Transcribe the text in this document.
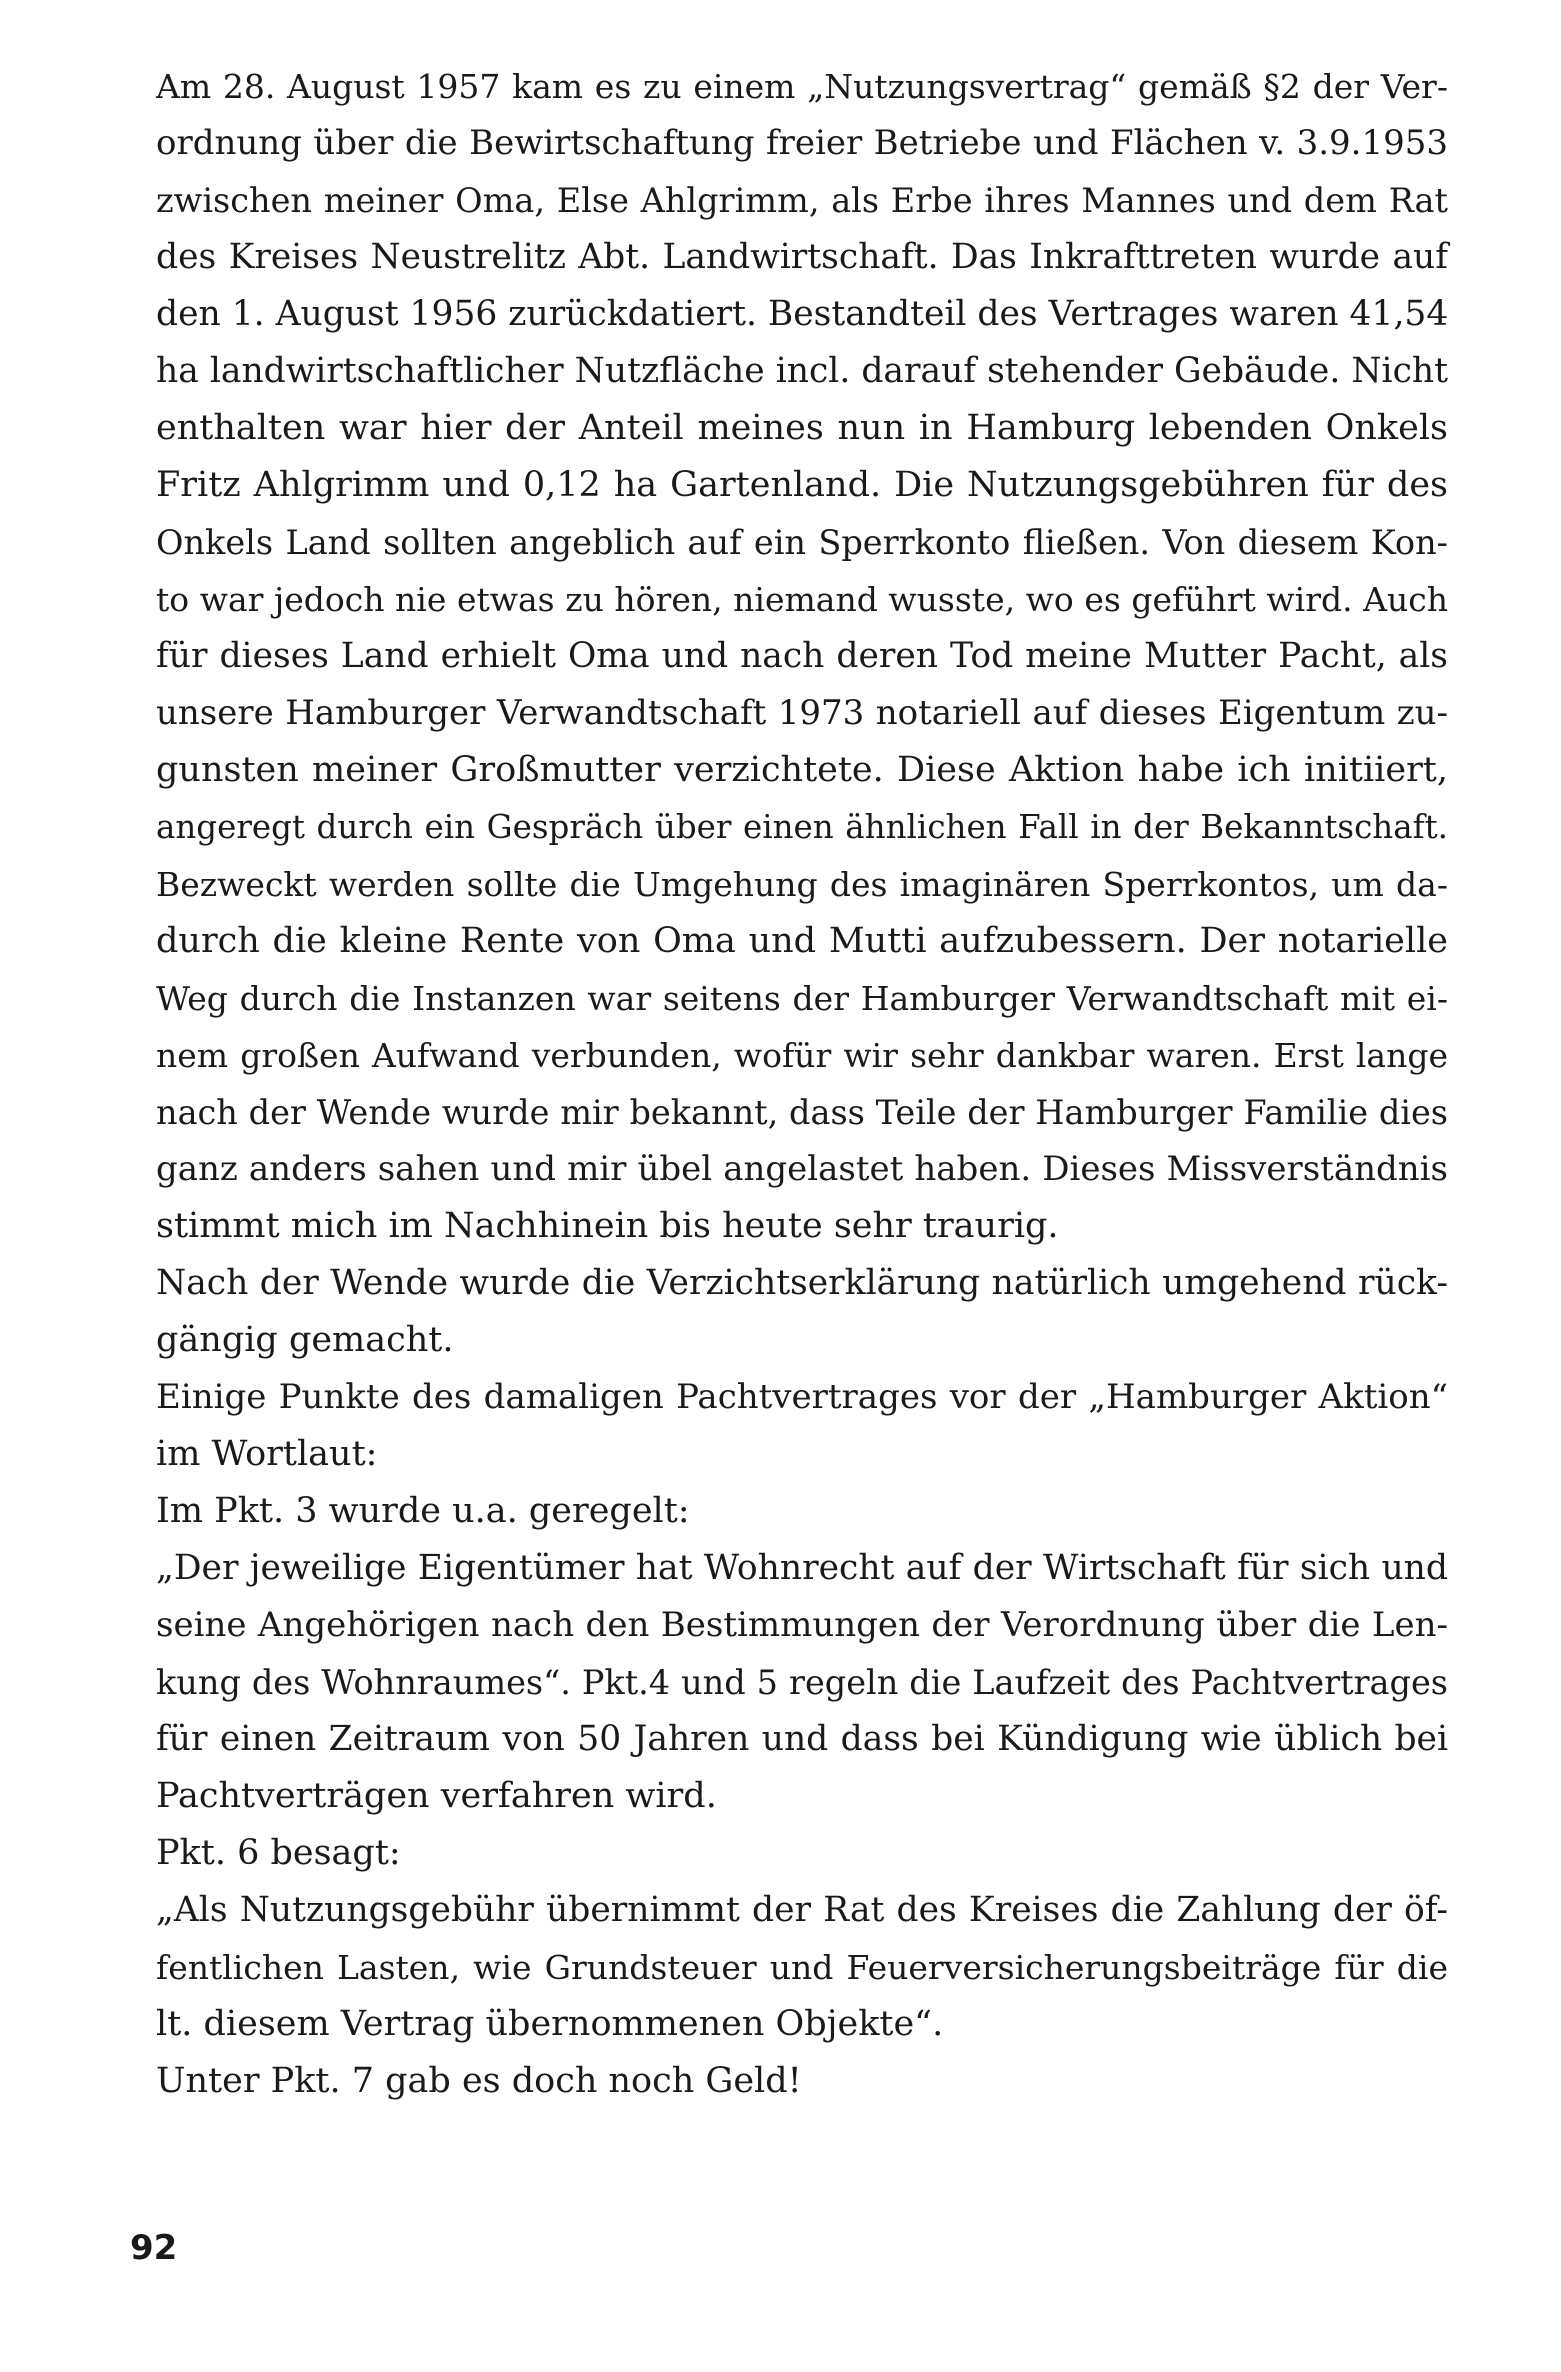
Am 28. August 1957 kam es zu einem „Nutzungsvertrag“ gemäß §2 der Ver-
ordnung über die Bewirtschaftung freier Betriebe und Flächen v. 3.9.1953
zwischen meiner Oma, Else Ahlgrimm, als Erbe ihres Mannes und dem Rat
des Kreises Neustrelitz Abt. Landwirtschaft. Das Inkrafttreten wurde auf
den 1. August 1956 zurückdatiert. Bestandteil des Vertrages waren 41,54
ha landwirtschaftlicher Nutzfläche incl. darauf stehender Gebäude. Nicht
enthalten war hier der Anteil meines nun in Hamburg lebenden Onkels
Fritz Ahlgrimm und 0,12 ha Gartenland. Die Nutzungsgebühren für des
Onkels Land sollten angeblich auf ein Sperrkonto fließen. Von diesem Kon-
to war jedoch nie etwas zu hören, niemand wusste, wo es geführt wird. Auch
für dieses Land erhielt Oma und nach deren Tod meine Mutter Pacht, als
unsere Hamburger Verwandtschaft 1973 notariell auf dieses Eigentum zu-
gunsten meiner Großmutter verzichtete. Diese Aktion habe ich initiiert,
angeregt durch ein Gespräch über einen ähnlichen Fall in der Bekanntschaft.
Bezweckt werden sollte die Umgehung des imaginären Sperrkontos, um da-
durch die kleine Rente von Oma und Mutti aufzubessern. Der notarielle
Weg durch die Instanzen war seitens der Hamburger Verwandtschaft mit ei-
nem großen Aufwand verbunden, wofür wir sehr dankbar waren. Erst lange
nach der Wende wurde mir bekannt, dass Teile der Hamburger Familie dies
ganz anders sahen und mir übel angelastet haben. Dieses Missverständnis
stimmt mich im Nachhinein bis heute sehr traurig.
Nach der Wende wurde die Verzichtserklärung natürlich umgehend rück-
gängig gemacht.
Einige Punkte des damaligen Pachtvertrages vor der „Hamburger Aktion“
im Wortlaut:
Im Pkt. 3 wurde u.a. geregelt:
„Der jeweilige Eigentümer hat Wohnrecht auf der Wirtschaft für sich und
seine Angehörigen nach den Bestimmungen der Verordnung über die Len-
kung des Wohnraumes“. Pkt.4 und 5 regeln die Laufzeit des Pachtvertrages
für einen Zeitraum von 50 Jahren und dass bei Kündigung wie üblich bei
Pachtverträgen verfahren wird.
Pkt. 6 besagt:
„Als Nutzungsgebühr übernimmt der Rat des Kreises die Zahlung der öf-
fentlichen Lasten, wie Grundsteuer und Feuerversicherungsbeiträge für die
lt. diesem Vertrag übernommenen Objekte“.
Unter Pkt. 7 gab es doch noch Geld!
92
